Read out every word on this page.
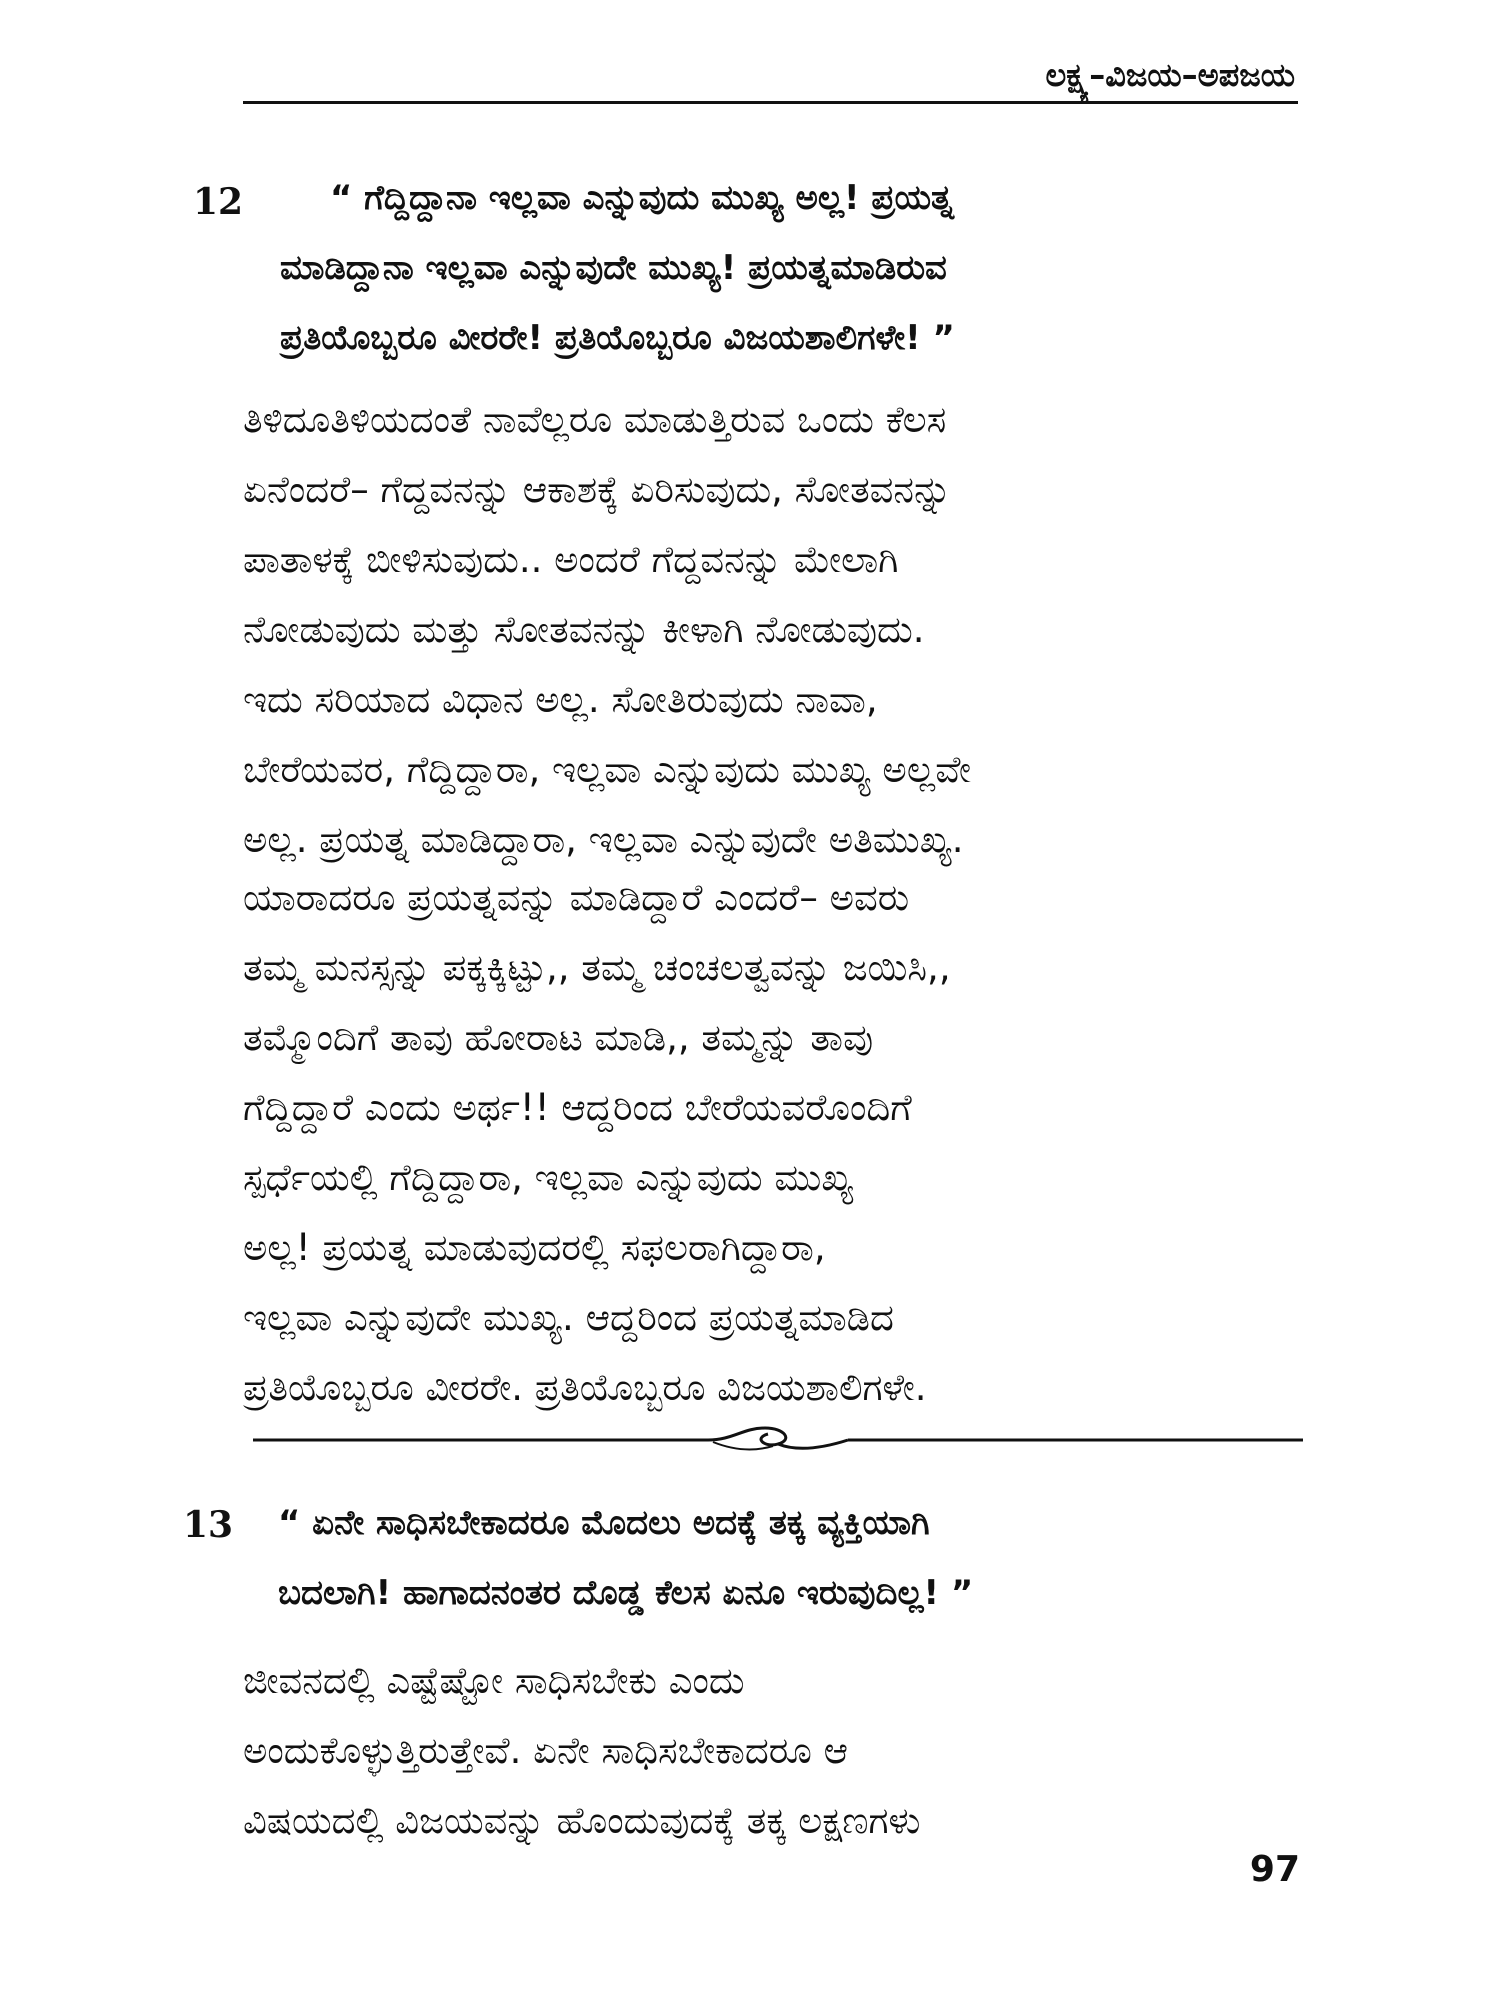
ಲಕ್ಷ್ಯ–ವಿಜಯ–ಅಪಜಯ
12	“ ಗೆದ್ದಿದ್ದಾನಾ ಇಲ್ಲವಾ ಎನ್ನುವುದು ಮುಖ್ಯ ಅಲ್ಲ! ಪ್ರಯತ್ನ
ಮಾಡಿದ್ದಾನಾ ಇಲ್ಲವಾ ಎನ್ನುವುದೇ ಮುಖ್ಯ! ಪ್ರಯತ್ನಮಾಡಿರುವ
ಪ್ರತಿಯೊಬ್ಬರೂ ವೀರರೇ! ಪ್ರತಿಯೊಬ್ಬರೂ ವಿಜಯಶಾಲಿಗಳೇ! ”
ತಿಳಿದೂತಿಳಿಯದಂತೆ ನಾವೆಲ್ಲರೂ ಮಾಡುತ್ತಿರುವ ಒಂದು ಕೆಲಸ
ಏನೆಂದರೆ– ಗೆದ್ದವನನ್ನು ಆಕಾಶಕ್ಕೆ ಏರಿಸುವುದು, ಸೋತವನನ್ನು
ಪಾತಾಳಕ್ಕೆ ಬೀಳಿಸುವುದು.. ಅಂದರೆ ಗೆದ್ದವನನ್ನು ಮೇಲಾಗಿ
ನೋಡುವುದು ಮತ್ತು ಸೋತವನನ್ನು ಕೀಳಾಗಿ ನೋಡುವುದು.
ಇದು ಸರಿಯಾದ ವಿಧಾನ ಅಲ್ಲ. ಸೋತಿರುವುದು ನಾವಾ,
ಬೇರೆಯವರ, ಗೆದ್ದಿದ್ದಾರಾ, ಇಲ್ಲವಾ ಎನ್ನುವುದು ಮುಖ್ಯ ಅಲ್ಲವೇ
ಅಲ್ಲ. ಪ್ರಯತ್ನ ಮಾಡಿದ್ದಾರಾ, ಇಲ್ಲವಾ ಎನ್ನುವುದೇ ಅತಿಮುಖ್ಯ.
ಯಾರಾದರೂ ಪ್ರಯತ್ನವನ್ನು ಮಾಡಿದ್ದಾರೆ ಎಂದರೆ– ಅವರು
ತಮ್ಮ ಮನಸ್ಸನ್ನು ಪಕ್ಕಕ್ಕಿಟ್ಟು,, ತಮ್ಮ ಚಂಚಲತ್ವವನ್ನು ಜಯಿಸಿ,,
ತಮ್ಮೊಂದಿಗೆ ತಾವು ಹೋರಾಟ ಮಾಡಿ,, ತಮ್ಮನ್ನು ತಾವು
ಗೆದ್ದಿದ್ದಾರೆ ಎಂದು ಅರ್ಥ!! ಆದ್ದರಿಂದ ಬೇರೆಯವರೊಂದಿಗೆ
ಸ್ಪರ್ಧೆಯಲ್ಲಿ ಗೆದ್ದಿದ್ದಾರಾ, ಇಲ್ಲವಾ ಎನ್ನುವುದು ಮುಖ್ಯ
ಅಲ್ಲ! ಪ್ರಯತ್ನ ಮಾಡುವುದರಲ್ಲಿ ಸಫಲರಾಗಿದ್ದಾರಾ,
ಇಲ್ಲವಾ ಎನ್ನುವುದೇ ಮುಖ್ಯ. ಆದ್ದರಿಂದ ಪ್ರಯತ್ನಮಾಡಿದ
ಪ್ರತಿಯೊಬ್ಬರೂ ವೀರರೇ. ಪ್ರತಿಯೊಬ್ಬರೂ ವಿಜಯಶಾಲಿಗಳೇ.
13 “ ಏನೇ ಸಾಧಿಸಬೇಕಾದರೂ ಮೊದಲು ಅದಕ್ಕೆ ತಕ್ಕ ವ್ಯಕ್ತಿಯಾಗಿ
ಬದಲಾಗಿ! ಹಾಗಾದನಂತರ ದೊಡ್ಡ ಕೆಲಸ ಏನೂ ಇರುವುದಿಲ್ಲ! ”
ಜೀವನದಲ್ಲಿ ಎಷ್ಟೆಷ್ಟೋ ಸಾಧಿಸಬೇಕು ಎಂದು
ಅಂದುಕೊಳ್ಳುತ್ತಿರುತ್ತೇವೆ. ಏನೇ ಸಾಧಿಸಬೇಕಾದರೂ ಆ
ವಿಷಯದಲ್ಲಿ ವಿಜಯವನ್ನು ಹೊಂದುವುದಕ್ಕೆ ತಕ್ಕ ಲಕ್ಷಣಗಳು
97
